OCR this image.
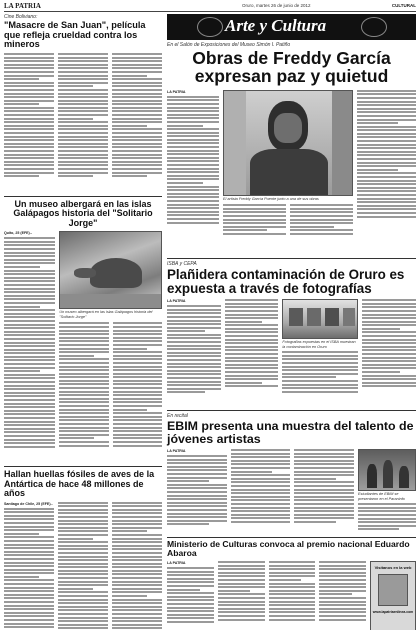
LA PATRIA	Oruro, martes 26 de junio de 2012	CULTURAL
Cine Boliviano:
"Masacre de San Juan", película que refleja crueldad contra los mineros
Un museo albergará en las islas Galápagos historia del "Solitario Jorge"
Quito, 25 (EFE).-
Un museo albergará en las islas Galápagos historia del "Solitario Jorge"
Hallan huellas fósiles de aves de la Antártica de hace 48 millones de años
Santiago de Chile, 25 (EFE).-
Arte y Cultura
En el Salón de Exposiciones del Museo Simón I. Patiño
Obras de Freddy García expresan paz y quietud
LA PATRIA
El artista Freddy García Puente junto a una de sus obras
ISBA y CEPA
Plañidera contaminación de Oruro es expuesta a través de fotografías
LA PATRIA
Fotografías expuestas en el ISBA muestran la contaminación en Oruro
En recital
EBIM presenta una muestra del talento de jóvenes artistas
LA PATRIA
Estudiantes de EBIM se presentaron en el Paraninfo
Ministerio de Culturas convoca al premio nacional Eduardo Abaroa
LA PATRIA
Visítanos en la web
www.lapatriaenlinea.com
